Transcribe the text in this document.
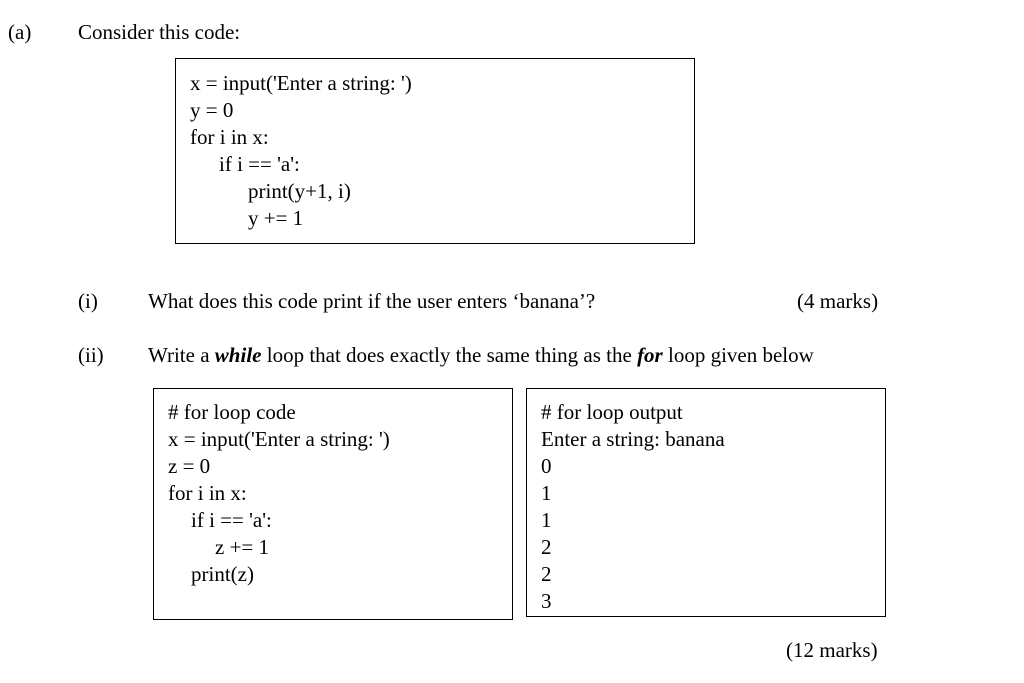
(a) Consider this code:
x = input('Enter a string: ')
y = 0
for i in x:
if i == 'a':
print(y+1, i)
y += 1
(i) What does this code print if the user enters ‘banana’?	(4 marks)
(ii) Write a while loop that does exactly the same thing as the for loop given below
# for loop code
x = input('Enter a string: ')
z = 0
for i in x:
if i == 'a':
z += 1
print(z)
# for loop output
Enter a string: banana
0
1
1
2
2
3
(12 marks)
